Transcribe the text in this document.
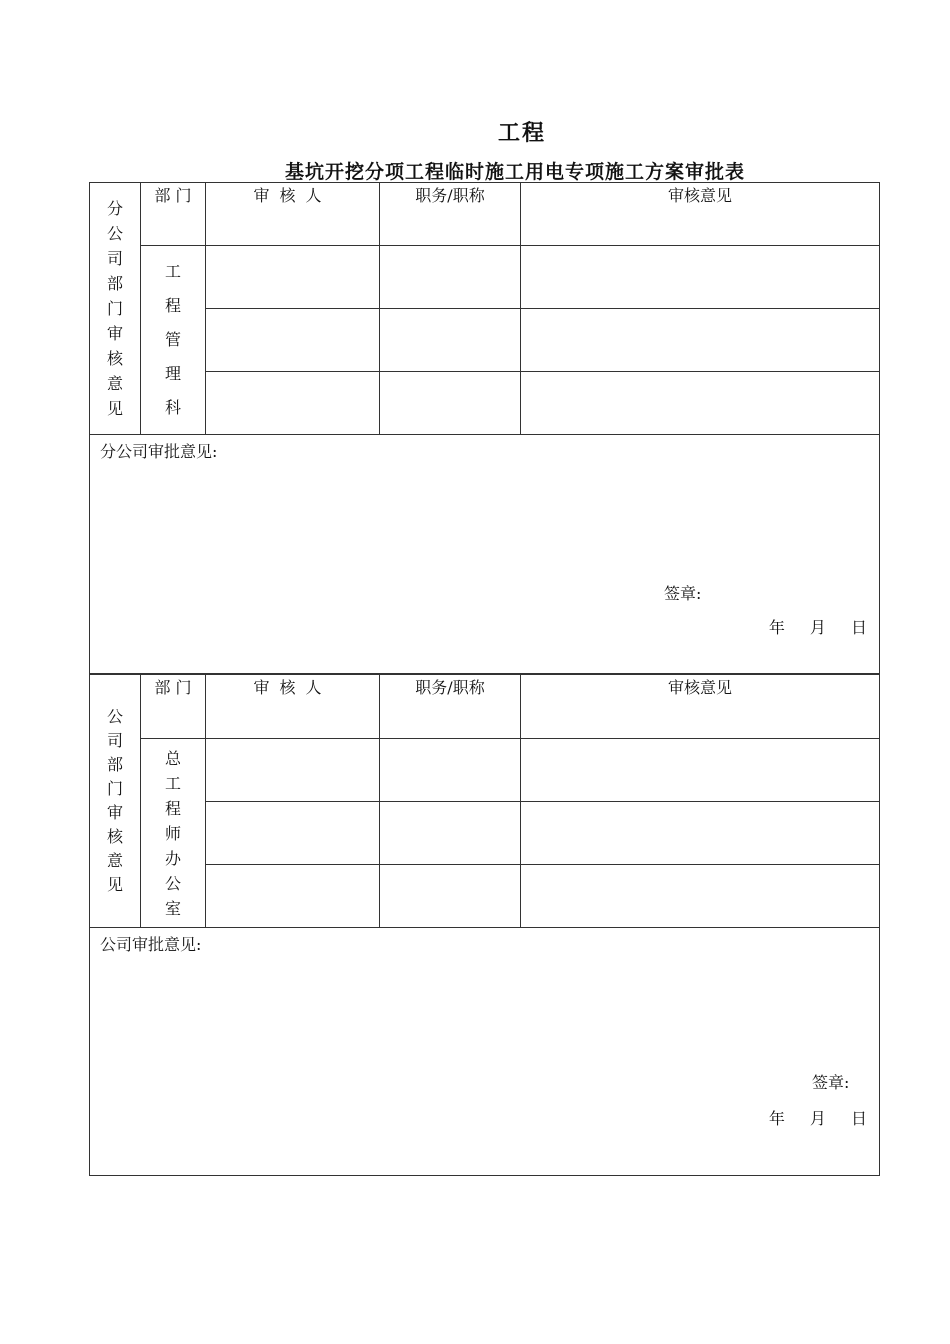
工程
基坑开挖分项工程临时施工用电专项施工方案审批表
分公司部门审核意见	部 门	审核人	职务/职称	审核意见
	工程管理科			

分公司审批意见:
签章:
年 月 日				
公司部门审核意见	部 门	审核人	职务/职称	审核意见
	总工程师办公室			

公司审批意见:
签章:
年 月 日				
